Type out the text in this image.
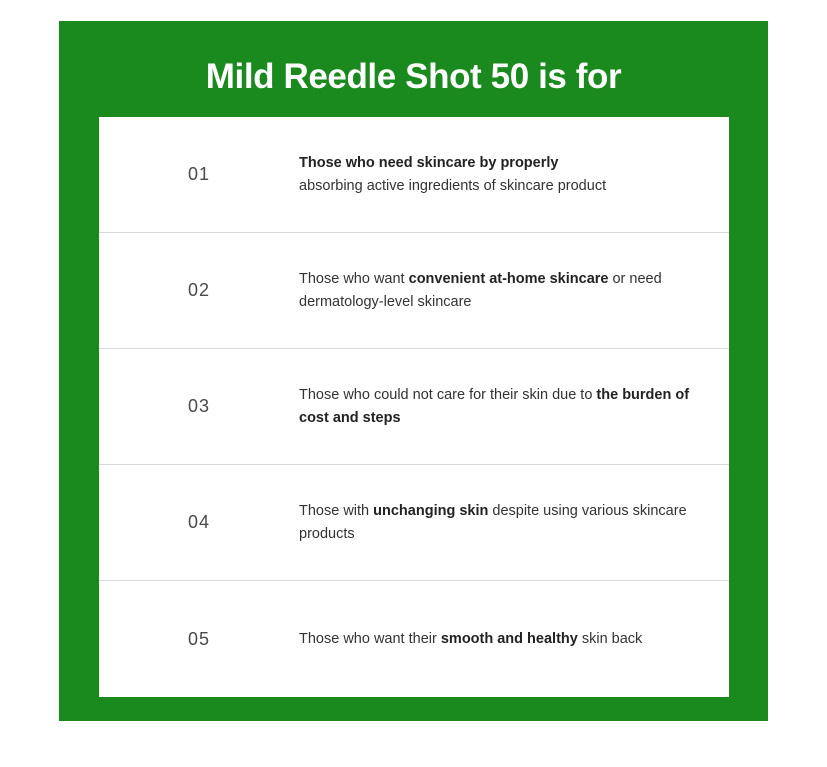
Mild Reedle Shot 50 is for
01
Those who need skincare by properly
absorbing active ingredients of skincare product
02
Those who want convenient at-home skincare or need dermatology-level skincare
03
Those who could not care for their skin due to the burden of cost and steps
04
Those with unchanging skin despite using various skincare products
05	Those who want their smooth and healthy skin back
